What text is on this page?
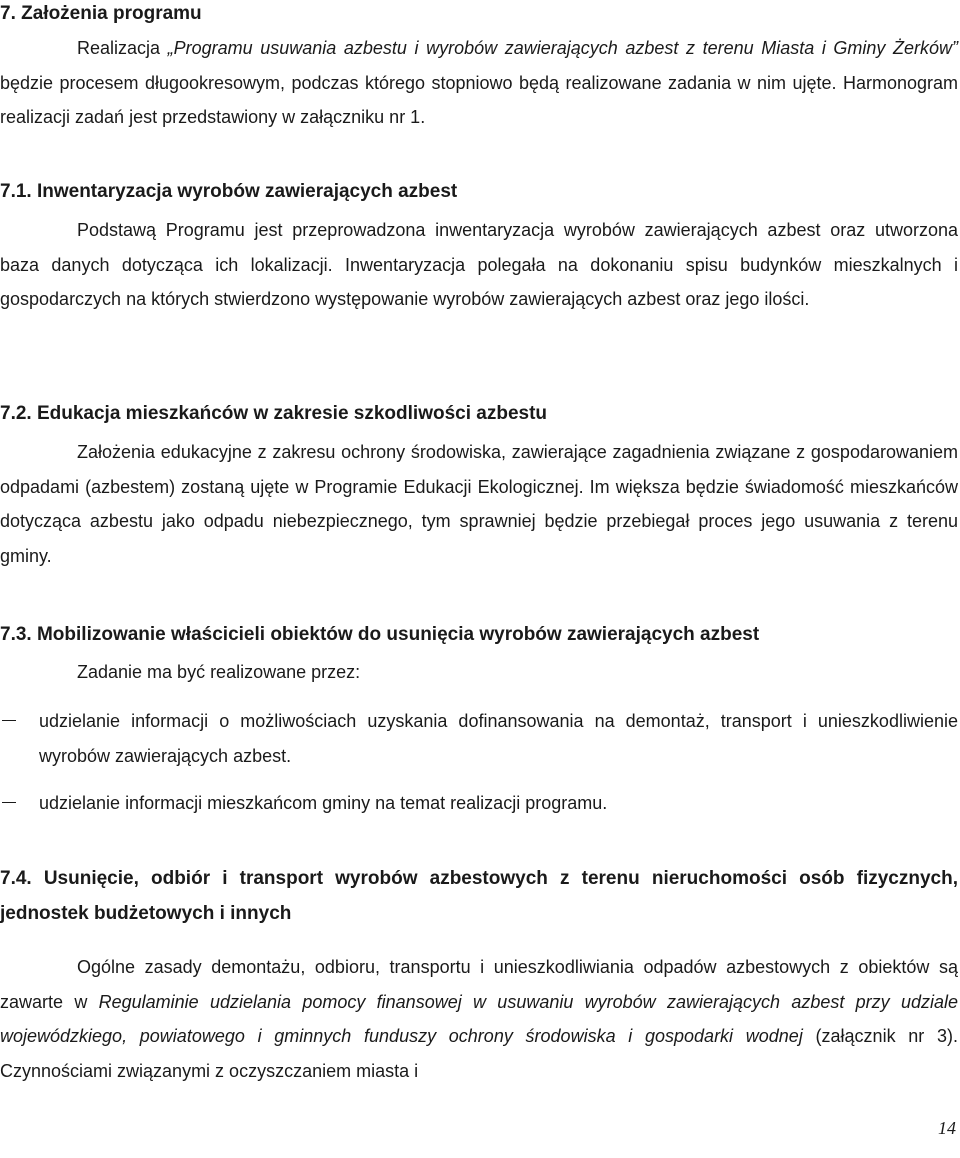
7. Założenia programu

Realizacja „Programu usuwania azbestu i wyrobów zawierających azbest z terenu Miasta i Gminy Żerków” będzie procesem długookresowym, podczas którego stopniowo będą realizowane zadania w nim ujęte. Harmonogram realizacji zadań jest przedstawiony w załączniku nr 1.

7.1. Inwentaryzacja wyrobów zawierających azbest

Podstawą Programu jest przeprowadzona inwentaryzacja wyrobów zawierających azbest oraz utworzona baza danych dotycząca ich lokalizacji. Inwentaryzacja polegała na dokonaniu spisu budynków mieszkalnych i gospodarczych na których stwierdzono występowanie wyrobów zawierających azbest oraz jego ilości.

7.2. Edukacja mieszkańców w zakresie szkodliwości azbestu

Założenia edukacyjne z zakresu ochrony środowiska, zawierające zagadnienia związane z gospodarowaniem odpadami (azbestem) zostaną ujęte w Programie Edukacji Ekologicznej. Im większa będzie świadomość mieszkańców dotycząca azbestu jako odpadu niebezpiecznego, tym sprawniej będzie przebiegał proces jego usuwania z terenu gminy.

7.3. Mobilizowanie właścicieli obiektów do usunięcia wyrobów zawierających azbest

Zadanie ma być realizowane przez:

udzielanie informacji o możliwościach uzyskania dofinansowania na demontaż, transport i unieszkodliwienie wyrobów zawierających azbest.
udzielanie informacji mieszkańcom gminy na temat realizacji programu.
7.4. Usunięcie, odbiór i transport wyrobów azbestowych z terenu nieruchomości osób fizycznych, jednostek budżetowych i innych

Ogólne zasady demontażu, odbioru, transportu i unieszkodliwiania odpadów azbestowych z obiektów są zawarte w Regulaminie udzielania pomocy finansowej w usuwaniu wyrobów zawierających azbest przy udziale wojewódzkiego, powiatowego i gminnych funduszy ochrony środowiska i gospodarki wodnej (załącznik nr 3). Czynnościami związanymi z oczyszczaniem miasta i

14
